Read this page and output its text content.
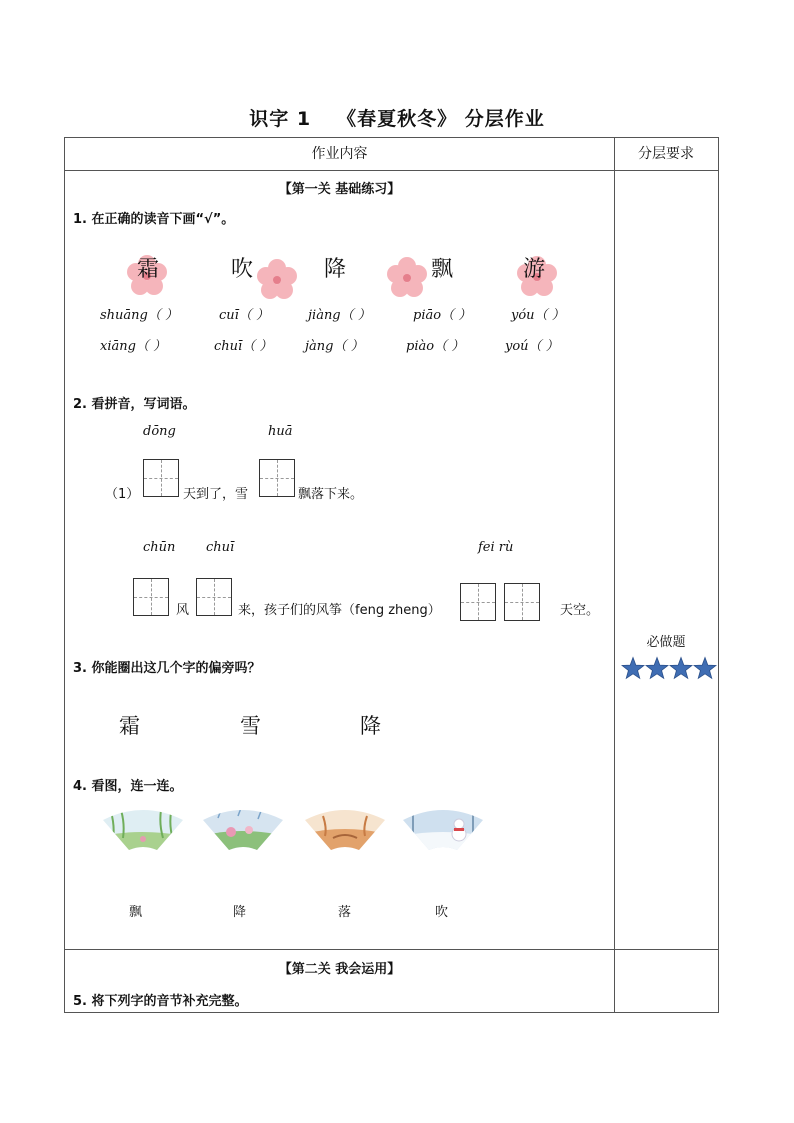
识字 1 《春夏秋冬》 分层作业
作业内容	分层要求
【第一关 基础练习】
1. 在正确的读音下画“√”。
霜	吹	降	飘	游
shuāng（ ）	cuī（ ）	jiàng（ ）	piāo（ ）	yóu（ ）
xiāng（ ）	chuī（ ）	jàng（ ）	piào（ ）	yoú（ ）
2. 看拼音，写词语。
dōng	huā
（1）	天到了，雪	飘落下来。
chūn chuī	fei rù
风	来，孩子们的风筝（feng zheng）	天空。
3. 你能圈出这几个字的偏旁吗？
霜	雪	降
4. 看图，连一连。
飘	降	落	吹
必做题
【第二关 我会运用】
5. 将下列字的音节补充完整。
